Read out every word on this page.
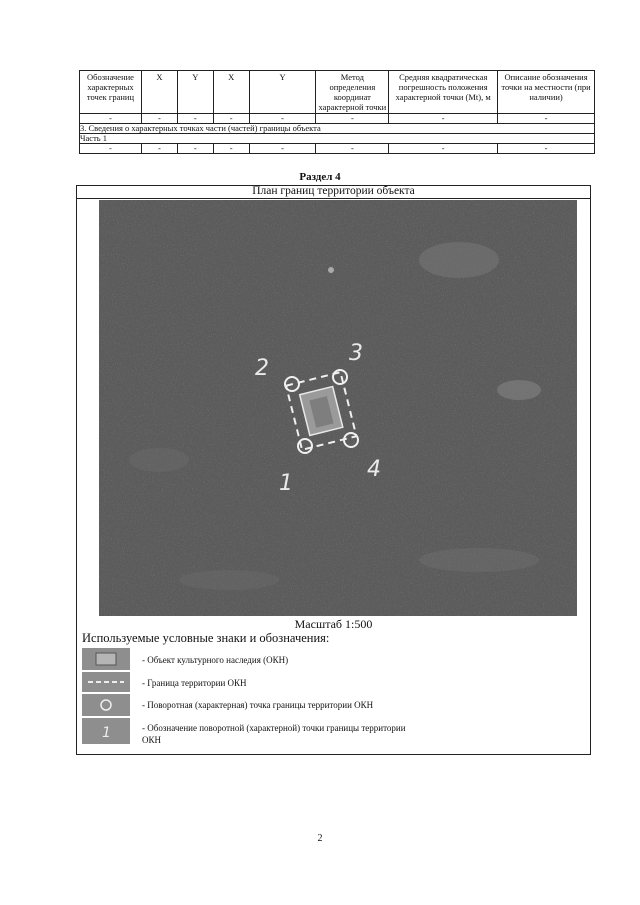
Обозначение характерных точек границ	X	Y	X	Y	Метод определения координат характерной точки	Средняя квадратическая погрешность положения характерной точки (Mt), м	Описание обозначения точки на местности (при наличии)
-	-	-	-	-	-	-	-
3. Сведения о характерных точках части (частей) границы объекта							
Часть 1							
-	-	-	-	-	-	-	-
Раздел 4
План границ территории объекта
1
2
3
4
Масштаб 1:500
Используемые условные знаки и обозначения:
1
- Объект культурного наследия (ОКН)
- Граница территории ОКН
- Поворотная (характерная) точка границы территории ОКН
- Обозначение поворотной (характерной) точки границы территории ОКН
2
